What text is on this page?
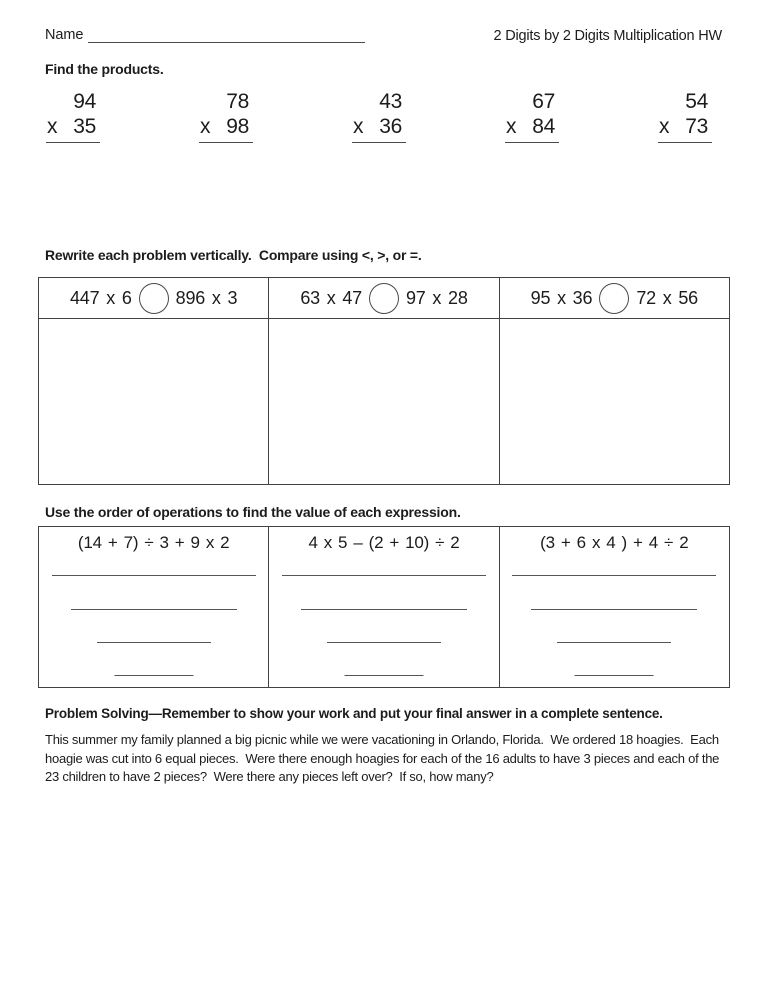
Name	2 Digits by 2 Digits Multiplication HW
Find the products.
94
x 35
78
x 98
43
x 36
67
x 84
54
x 73
Rewrite each problem vertically.  Compare using <, >, or =.
447 x 6 896 x 3	63 x 47 97 x 28	95 x 36 72 x 56
Use the order of operations to find the value of each expression.
(14 + 7) ÷ 3 + 9 x 2	4 x 5 – (2 + 10) ÷ 2	(3 + 6 x 4 ) + 4 ÷ 2
Problem Solving—Remember to show your work and put your final answer in a complete sentence.
This summer my family planned a big picnic while we were vacationing in Orlando, Florida.  We ordered 18 hoagies.  Each hoagie was cut into 6 equal pieces.  Were there enough hoagies for each of the 16 adults to have 3 pieces and each of the 23 children to have 2 pieces?  Were there any pieces left over?  If so, how many?
